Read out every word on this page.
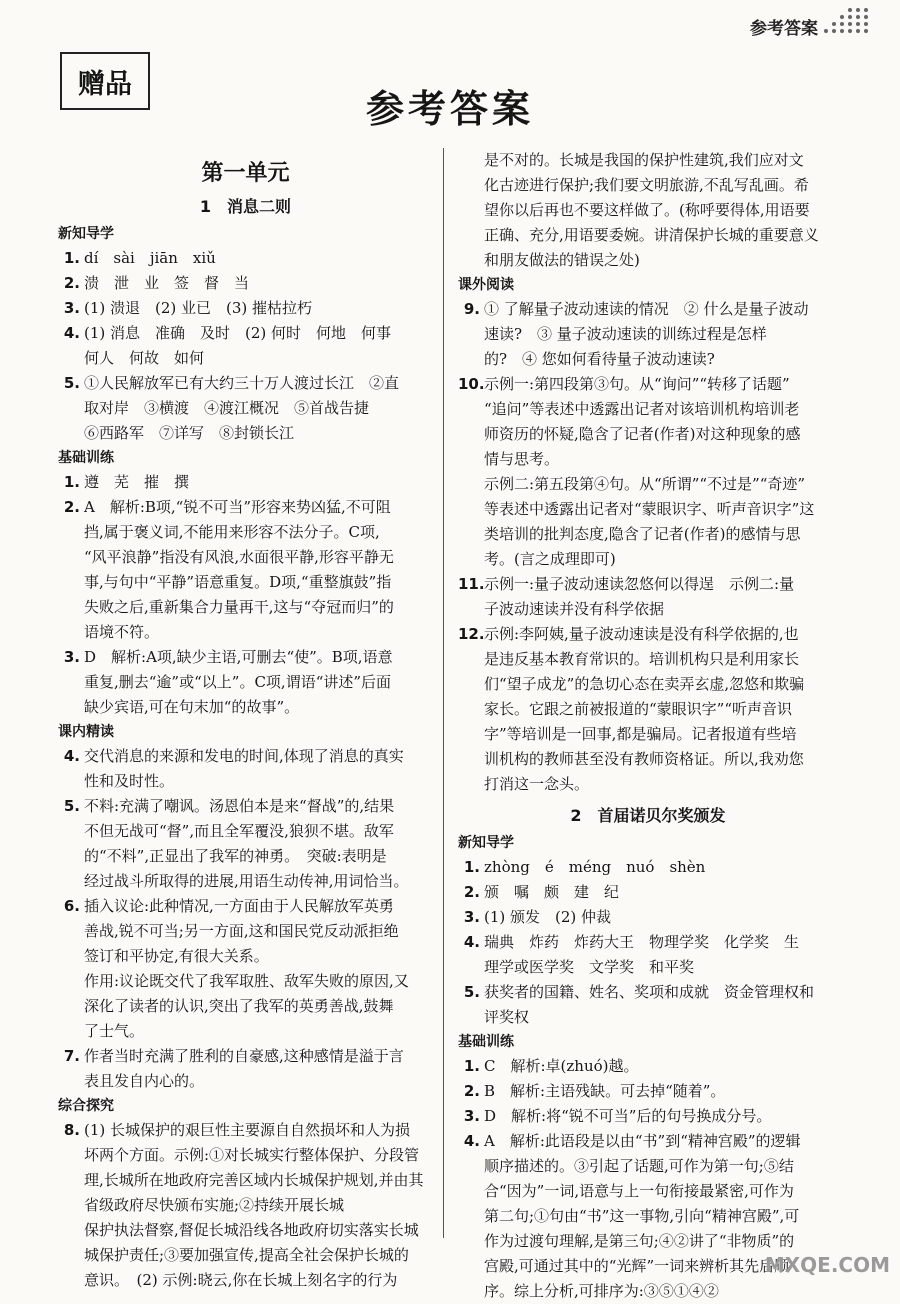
参考答案
赠品
参考答案
第一单元
1　消息二则
新知导学
1. dí　sài　jiān　xiǔ
2. 溃　泄　业　签　督　当
3. (1) 溃退　(2) 业已　(3) 摧枯拉朽
4. (1) 消息　准确　及时　(2) 何时　何地　何事
何人　何故　如何
5. ①人民解放军已有大约三十万人渡过长江　②直
取对岸　③横渡　④渡江概况　⑤首战告捷
⑥西路军　⑦详写　⑧封锁长江
基础训练
1. 遵　芜　摧　撰
2. A　解析:B项,“锐不可当”形容来势凶猛,不可阻
挡,属于褒义词,不能用来形容不法分子。C项,
“风平浪静”指没有风浪,水面很平静,形容平静无
事,与句中“平静”语意重复。D项,“重整旗鼓”指
失败之后,重新集合力量再干,这与“夺冠而归”的
语境不符。
3. D　解析:A项,缺少主语,可删去“使”。B项,语意
重复,删去“逾”或“以上”。C项,谓语“讲述”后面
缺少宾语,可在句末加“的故事”。
课内精读
4. 交代消息的来源和发电的时间,体现了消息的真实
性和及时性。
5. 不料:充满了嘲讽。汤恩伯本是来“督战”的,结果
不但无战可“督”,而且全军覆没,狼狈不堪。敌军
的“不料”,正显出了我军的神勇。　突破:表明是
经过战斗所取得的进展,用语生动传神,用词恰当。
6. 插入议论:此种情况,一方面由于人民解放军英勇
善战,锐不可当;另一方面,这和国民党反动派拒绝
签订和平协定,有很大关系。
作用:议论既交代了我军取胜、敌军失败的原因,又
深化了读者的认识,突出了我军的英勇善战,鼓舞
了士气。
7. 作者当时充满了胜利的自豪感,这种感情是溢于言
表且发自内心的。
综合探究
8. (1) 长城保护的艰巨性主要源自自然损坏和人为损
坏两个方面。示例:①对长城实行整体保护、分段管
理,长城所在地政府完善区域内长城保护规划,并由其省级政府尽快颁布实施;②持续开展长城
保护执法督察,督促长城沿线各地政府切实落实长城
城保护责任;③要加强宣传,提高全社会保护长城的
意识。　(2) 示例:晓云,你在长城上刻名字的行为
是不对的。长城是我国的保护性建筑,我们应对文
化古迹进行保护;我们要文明旅游,不乱写乱画。希
望你以后再也不要这样做了。(称呼要得体,用语要
正确、充分,用语要委婉。讲清保护长城的重要意义
和朋友做法的错误之处)
课外阅读
9. ① 了解量子波动速读的情况　② 什么是量子波动
速读?　③ 量子波动速读的训练过程是怎样
的?　④ 您如何看待量子波动速读?
10. 示例一:第四段第③句。从“询问”“转移了话题”
“追问”等表述中透露出记者对该培训机构培训老
师资历的怀疑,隐含了记者(作者)对这种现象的感
情与思考。
示例二:第五段第④句。从“所谓”“不过是”“奇迹”
等表述中透露出记者对“蒙眼识字、听声音识字”这
类培训的批判态度,隐含了记者(作者)的感情与思
考。(言之成理即可)
11. 示例一:量子波动速读忽悠何以得逞　示例二:量
子波动速读并没有科学依据
12. 示例:李阿姨,量子波动速读是没有科学依据的,也
是违反基本教育常识的。培训机构只是利用家长
们“望子成龙”的急切心态在卖弄玄虚,忽悠和欺骗
家长。它跟之前被报道的“蒙眼识字”“听声音识
字”等培训是一回事,都是骗局。记者报道有些培
训机构的教师甚至没有教师资格证。所以,我劝您
打消这一念头。
2　首届诺贝尔奖颁发
新知导学
1. zhòng　é　méng　nuó　shèn
2. 颁　嘱　颇　建　纪
3. (1) 颁发　(2) 仲裁
4. 瑞典　炸药　炸药大王　物理学奖　化学奖　生
理学或医学奖　文学奖　和平奖
5. 获奖者的国籍、姓名、奖项和成就　资金管理权和
评奖权
基础训练
1. C　解析:卓(zhuó)越。
2. B　解析:主语残缺。可去掉“随着”。
3. D　解析:将“锐不可当”后的句号换成分号。
4. A　解析:此语段是以由“书”到“精神宫殿”的逻辑
顺序描述的。③引起了话题,可作为第一句;⑤结
合“因为”一词,语意与上一句衔接最紧密,可作为
第二句;①句由“书”这一事物,引向“精神宫殿”,可
作为过渡句理解,是第三句;④②讲了“非物质”的
宫殿,可通过其中的“光辉”一词来辨析其先后顺
序。综上分析,可排序为:③⑤①④②
MXQE.COM
